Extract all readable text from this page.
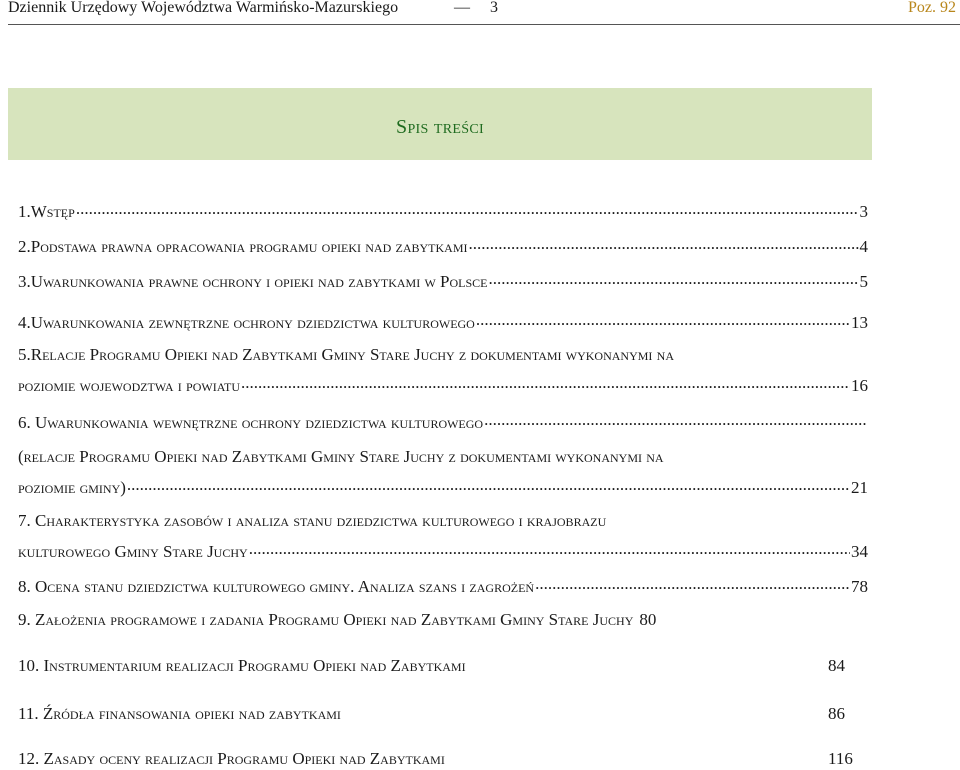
Dziennik Urzędowy Województwa Warmińsko-Mazurskiego	—	3	Poz. 92
Spis treści
1.Wstęp .....	3
2.Podstawa prawna opracowania programu opieki nad zabytkami .....	4
3.Uwarunkowania prawne ochrony i opieki nad zabytkami w Polsce .....	5
4.Uwarunkowania zewnętrzne ochrony dziedzictwa kulturowego .....	13
5.Relacje Programu Opieki nad Zabytkami Gminy Stare Juchy z dokumentami wykonanymi na
poziomie wojewodztwa i powiatu .....	16
6. Uwarunkowania wewnętrzne ochrony dziedzictwa kulturowego
.....
(relacje Programu Opieki nad Zabytkami Gminy Stare Juchy z dokumentami wykonanymi na
poziomie gminy) .....	21
7. Charakterystyka zasobów i analiza stanu dziedzictwa kulturowego i krajobrazu
kulturowego Gminy Stare Juchy .....	34
8. Ocena stanu dziedzictwa kulturowego gminy. Analiza szans i zagrożeń .....	78
9. Założenia programowe i zadania Programu Opieki nad Zabytkami Gminy Stare Juchy 80
10. Instrumentarium realizacji Programu Opieki nad Zabytkami	84
11. Źródła finansowania opieki nad zabytkami	86
12. Zasady oceny realizacji Programu Opieki nad Zabytkami	116
